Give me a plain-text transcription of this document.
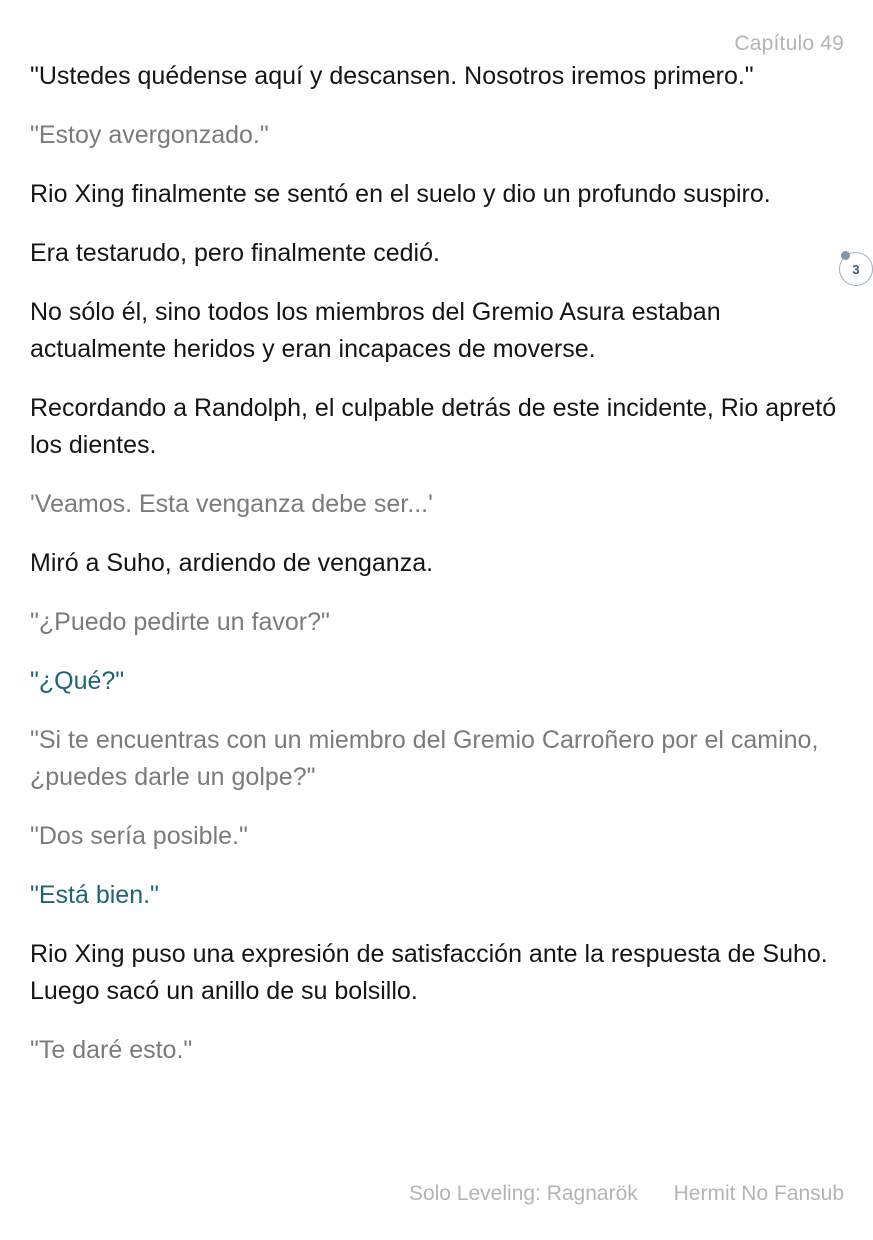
Capítulo 49

"Ustedes quédense aquí y descansen. Nosotros iremos primero."

"Estoy avergonzado."

Rio Xing finalmente se sentó en el suelo y dio un profundo suspiro.

Era testarudo, pero finalmente cedió.

No sólo él, sino todos los miembros del Gremio Asura estaban actualmente heridos y eran incapaces de moverse.

Recordando a Randolph, el culpable detrás de este incidente, Rio apretó los dientes.

'Veamos. Esta venganza debe ser...'

Miró a Suho, ardiendo de venganza.

"¿Puedo pedirte un favor?"

"¿Qué?"

"Si te encuentras con un miembro del Gremio Carroñero por el camino, ¿puedes darle un golpe?"

"Dos sería posible."

"Está bien."

Rio Xing puso una expresión de satisfacción ante la respuesta de Suho. Luego sacó un anillo de su bolsillo.

"Te daré esto."

3
Solo Leveling: Ragnarök Hermit No Fansub
